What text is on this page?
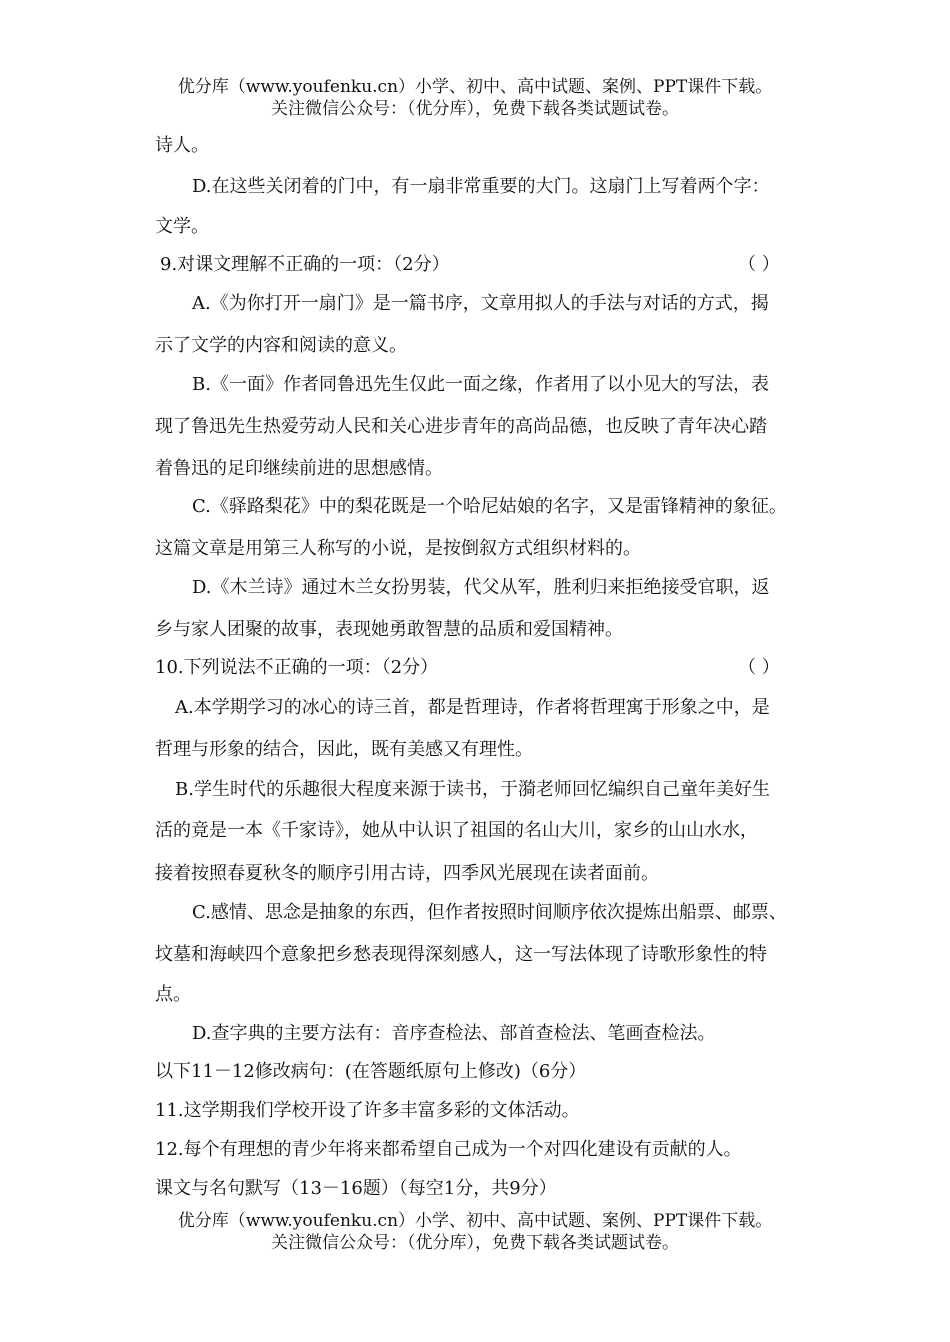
优分库（www.youfenku.cn）小学、初中、高中试题、案例、PPT课件下载。
关注微信公众号：（优分库），免费下载各类试题试卷。
诗人。
D.在这些关闭着的门中，有一扇非常重要的大门。这扇门上写着两个字：
文学。
9.对课文理解不正确的一项：（2分）	（ ）
A.《为你打开一扇门》是一篇书序，文章用拟人的手法与对话的方式，揭
示了文学的内容和阅读的意义。
B.《一面》作者同鲁迅先生仅此一面之缘，作者用了以小见大的写法，表
现了鲁迅先生热爱劳动人民和关心进步青年的高尚品德，也反映了青年决心踏
着鲁迅的足印继续前进的思想感情。
C.《驿路梨花》中的梨花既是一个哈尼姑娘的名字，又是雷锋精神的象征。
这篇文章是用第三人称写的小说，是按倒叙方式组织材料的。
D.《木兰诗》通过木兰女扮男装，代父从军，胜利归来拒绝接受官职，返
乡与家人团聚的故事，表现她勇敢智慧的品质和爱国精神。
10.下列说法不正确的一项：（2分）	（ ）
A.本学期学习的冰心的诗三首，都是哲理诗，作者将哲理寓于形象之中，是
哲理与形象的结合，因此，既有美感又有理性。
B.学生时代的乐趣很大程度来源于读书，于漪老师回忆编织自己童年美好生
活的竟是一本《千家诗》，她从中认识了祖国的名山大川，家乡的山山水水，
接着按照春夏秋冬的顺序引用古诗，四季风光展现在读者面前。
C.感情、思念是抽象的东西，但作者按照时间顺序依次提炼出船票、邮票、
坟墓和海峡四个意象把乡愁表现得深刻感人，这一写法体现了诗歌形象性的特
点。
D.查字典的主要方法有：音序查检法、部首查检法、笔画查检法。
以下11－12修改病句：(在答题纸原句上修改)（6分）
11.这学期我们学校开设了许多丰富多彩的文体活动。
12.每个有理想的青少年将来都希望自己成为一个对四化建设有贡献的人。
课文与名句默写（13－16题）（每空1分，共9分）
优分库（www.youfenku.cn）小学、初中、高中试题、案例、PPT课件下载。
关注微信公众号：（优分库），免费下载各类试题试卷。
